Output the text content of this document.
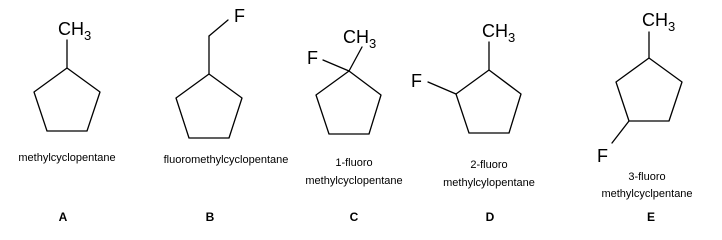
$CH_3$
methylcyclopentane
A
F
fluoromethylcyclopentane
B
$CH_3$
F
1-fluoro
methylcyclopentane
C
$CH_3$
F
2-fluoro
methylcylopentane
D
$CH_3$
F
3-fluoro
methylcyclpentane
E
